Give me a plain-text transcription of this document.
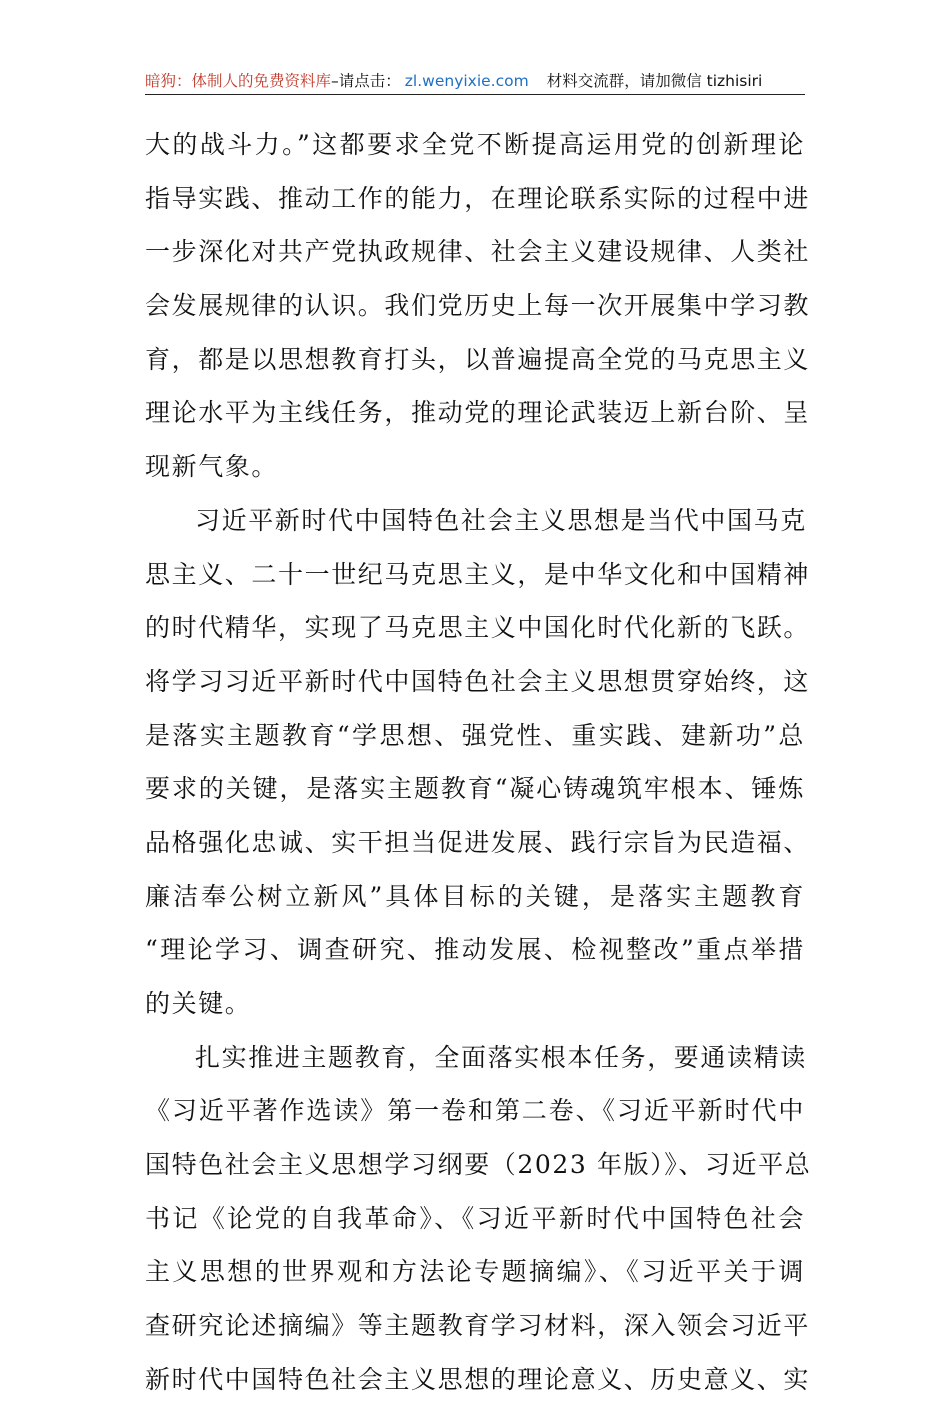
暗狗：体制人的免费资料库–请点击： zl.wenyixie.com 材料交流群，请加微信 tizhisiri
大的战斗力。”这都要求全党不断提高运用党的创新理论
指导实践、推动工作的能力，在理论联系实际的过程中进
一步深化对共产党执政规律、社会主义建设规律、人类社
会发展规律的认识。我们党历史上每一次开展集中学习教
育，都是以思想教育打头，以普遍提高全党的马克思主义
理论水平为主线任务，推动党的理论武装迈上新台阶、呈
现新气象。
习近平新时代中国特色社会主义思想是当代中国马克
思主义、二十一世纪马克思主义，是中华文化和中国精神
的时代精华，实现了马克思主义中国化时代化新的飞跃。
将学习习近平新时代中国特色社会主义思想贯穿始终，这
是落实主题教育“学思想、强党性、重实践、建新功”总
要求的关键，是落实主题教育“凝心铸魂筑牢根本、锤炼
品格强化忠诚、实干担当促进发展、践行宗旨为民造福、
廉洁奉公树立新风”具体目标的关键，是落实主题教育
“理论学习、调查研究、推动发展、检视整改”重点举措
的关键。
扎实推进主题教育，全面落实根本任务，要通读精读
《习近平著作选读》第一卷和第二卷、《习近平新时代中
国特色社会主义思想学习纲要（2023 年版）》、习近平总
书记《论党的自我革命》、《习近平新时代中国特色社会
主义思想的世界观和方法论专题摘编》、《习近平关于调
查研究论述摘编》等主题教育学习材料，深入领会习近平
新时代中国特色社会主义思想的理论意义、历史意义、实
